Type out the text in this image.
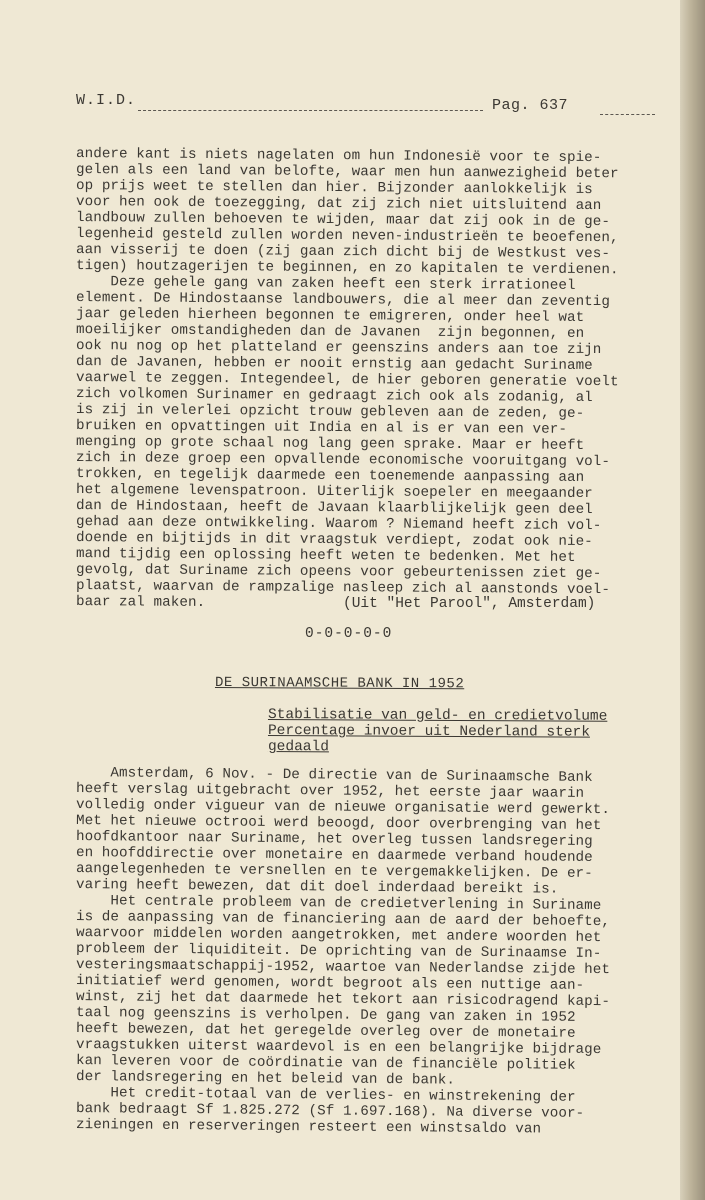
W.I.D.	Pag. 637
andere kant is niets nagelaten om hun Indonesië voor te spie-
gelen als een land van belofte, waar men hun aanwezigheid beter
op prijs weet te stellen dan hier. Bijzonder aanlokkelijk is
voor hen ook de toezegging, dat zij zich niet uitsluitend aan
landbouw zullen behoeven te wijden, maar dat zij ook in de ge-
legenheid gesteld zullen worden neven-industrieën te beoefenen,
aan visserij te doen (zij gaan zich dicht bij de Westkust ves-
tigen) houtzagerijen te beginnen, en zo kapitalen te verdienen.
Deze gehele gang van zaken heeft een sterk irrationeel
element. De Hindostaanse landbouwers, die al meer dan zeventig
jaar geleden hierheen begonnen te emigreren, onder heel wat
moeilijker omstandigheden dan de Javanen  zijn begonnen, en
ook nu nog op het platteland er geenszins anders aan toe zijn
dan de Javanen, hebben er nooit ernstig aan gedacht Suriname
vaarwel te zeggen. Integendeel, de hier geboren generatie voelt
zich volkomen Surinamer en gedraagt zich ook als zodanig, al
is zij in velerlei opzicht trouw gebleven aan de zeden, ge-
bruiken en opvattingen uit India en al is er van een ver-
menging op grote schaal nog lang geen sprake. Maar er heeft
zich in deze groep een opvallende economische vooruitgang vol-
trokken, en tegelijk daarmede een toenemende aanpassing aan
het algemene levenspatroon. Uiterlijk soepeler en meegaander
dan de Hindostaan, heeft de Javaan klaarblijkelijk geen deel
gehad aan deze ontwikkeling. Waarom ? Niemand heeft zich vol-
doende en bijtijds in dit vraagstuk verdiept, zodat ook nie-
mand tijdig een oplossing heeft weten te bedenken. Met het
gevolg, dat Suriname zich opeens voor gebeurtenissen ziet ge-
plaatst, waarvan de rampzalige nasleep zich al aanstonds voel-
baar zal maken.	(Uit "Het Parool", Amsterdam)
0-0-0-0-0
DE SURINAAMSCHE BANK IN 1952
Stabilisatie van geld- en credietvolume
Percentage invoer uit Nederland sterk
gedaald
Amsterdam, 6 Nov. - De directie van de Surinaamsche Bank
heeft verslag uitgebracht over 1952, het eerste jaar waarin
volledig onder vigueur van de nieuwe organisatie werd gewerkt.
Met het nieuwe octrooi werd beoogd, door overbrenging van het
hoofdkantoor naar Suriname, het overleg tussen landsregering
en hoofddirectie over monetaire en daarmede verband houdende
aangelegenheden te versnellen en te vergemakkelijken. De er-
varing heeft bewezen, dat dit doel inderdaad bereikt is.
Het centrale probleem van de credietverlening in Suriname
is de aanpassing van de financiering aan de aard der behoefte,
waarvoor middelen worden aangetrokken, met andere woorden het
probleem der liquiditeit. De oprichting van de Surinaamse In-
vesteringsmaatschappij-1952, waartoe van Nederlandse zijde het
initiatief werd genomen, wordt begroot als een nuttige aan-
winst, zij het dat daarmede het tekort aan risicodragend kapi-
taal nog geenszins is verholpen. De gang van zaken in 1952
heeft bewezen, dat het geregelde overleg over de monetaire
vraagstukken uiterst waardevol is en een belangrijke bijdrage
kan leveren voor de coördinatie van de financiële politiek
der landsregering en het beleid van de bank.
Het credit-totaal van de verlies- en winstrekening der
bank bedraagt Sf 1.825.272 (Sf 1.697.168). Na diverse voor-
zieningen en reserveringen resteert een winstsaldo van
